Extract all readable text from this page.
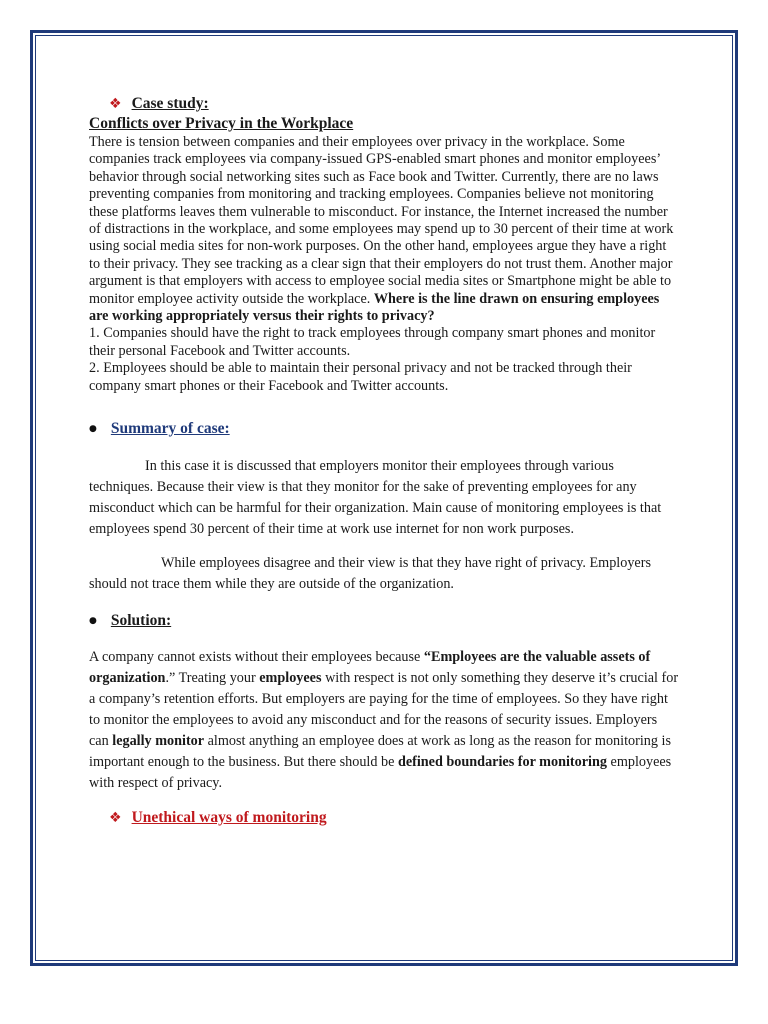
❖ Case study:
Conflicts over Privacy in the Workplace

There is tension between companies and their employees over privacy in the workplace. Some companies track employees via company-issued GPS-enabled smart phones and monitor employees’ behavior through social networking sites such as Face book and Twitter. Currently, there are no laws preventing companies from monitoring and tracking employees. Companies believe not monitoring these platforms leaves them vulnerable to misconduct. For instance, the Internet increased the number of distractions in the workplace, and some employees may spend up to 30 percent of their time at work using social media sites for non-work purposes. On the other hand, employees argue they have a right to their privacy. They see tracking as a clear sign that their employers do not trust them. Another major argument is that employers with access to employee social media sites or Smartphone might be able to monitor employee activity outside the workplace. Where is the line drawn on ensuring employees are working appropriately versus their rights to privacy?

1. Companies should have the right to track employees through company smart phones and monitor their personal Facebook and Twitter accounts.

2. Employees should be able to maintain their personal privacy and not be tracked through their company smart phones or their Facebook and Twitter accounts.

● Summary of case:

In this case it is discussed that employers monitor their employees through various techniques. Because their view is that they monitor for the sake of preventing employees for any misconduct which can be harmful for their organization. Main cause of monitoring employees is that employees spend 30 percent of their time at work use internet for non work purposes.

While employees disagree and their view is that they have right of privacy. Employers should not trace them while they are outside of the organization.

● Solution:

A company cannot exists without their employees because “Employees are the valuable assets of organization.” Treating your employees with respect is not only something they deserve it’s crucial for a company’s retention efforts. But employers are paying for the time of employees. So they have right to monitor the employees to avoid any misconduct and for the reasons of security issues. Employers can legally monitor almost anything an employee does at work as long as the reason for monitoring is important enough to the business. But there should be defined boundaries for monitoring employees with respect of privacy.

❖ Unethical ways of monitoring
